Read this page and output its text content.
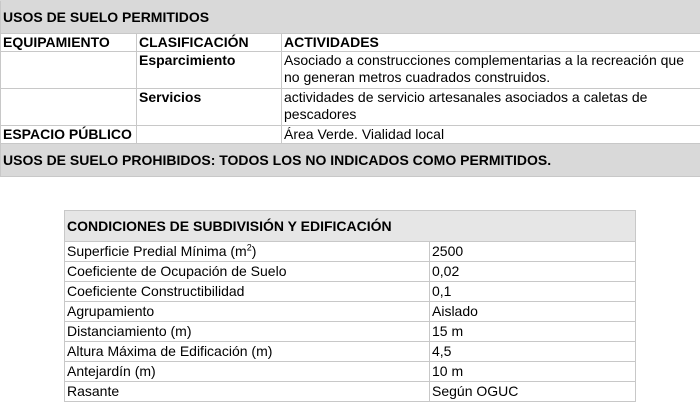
USOS DE SUELO PERMITIDOS		
EQUIPAMIENTO	CLASIFICACIÓN	ACTIVIDADES
	Esparcimiento	Asociado a construcciones complementarias a la recreación que no generan metros cuadrados construidos.
	Servicios	actividades de servicio artesanales asociados a caletas de pescadores
ESPACIO PÚBLICO		Área Verde. Vialidad local
USOS DE SUELO PROHIBIDOS: TODOS LOS NO INDICADOS COMO PERMITIDOS.		
CONDICIONES DE SUBDIVISIÓN Y EDIFICACIÓN	
Superficie Predial Mínima $(m^2)$	2500
Coeficiente de Ocupación de Suelo	0,02
Coeficiente Constructibilidad	0,1
Agrupamiento	Aislado
Distanciamiento (m)	15 m
Altura Máxima de Edificación (m)	4,5
Antejardín (m)	10 m
Rasante	Según OGUC
